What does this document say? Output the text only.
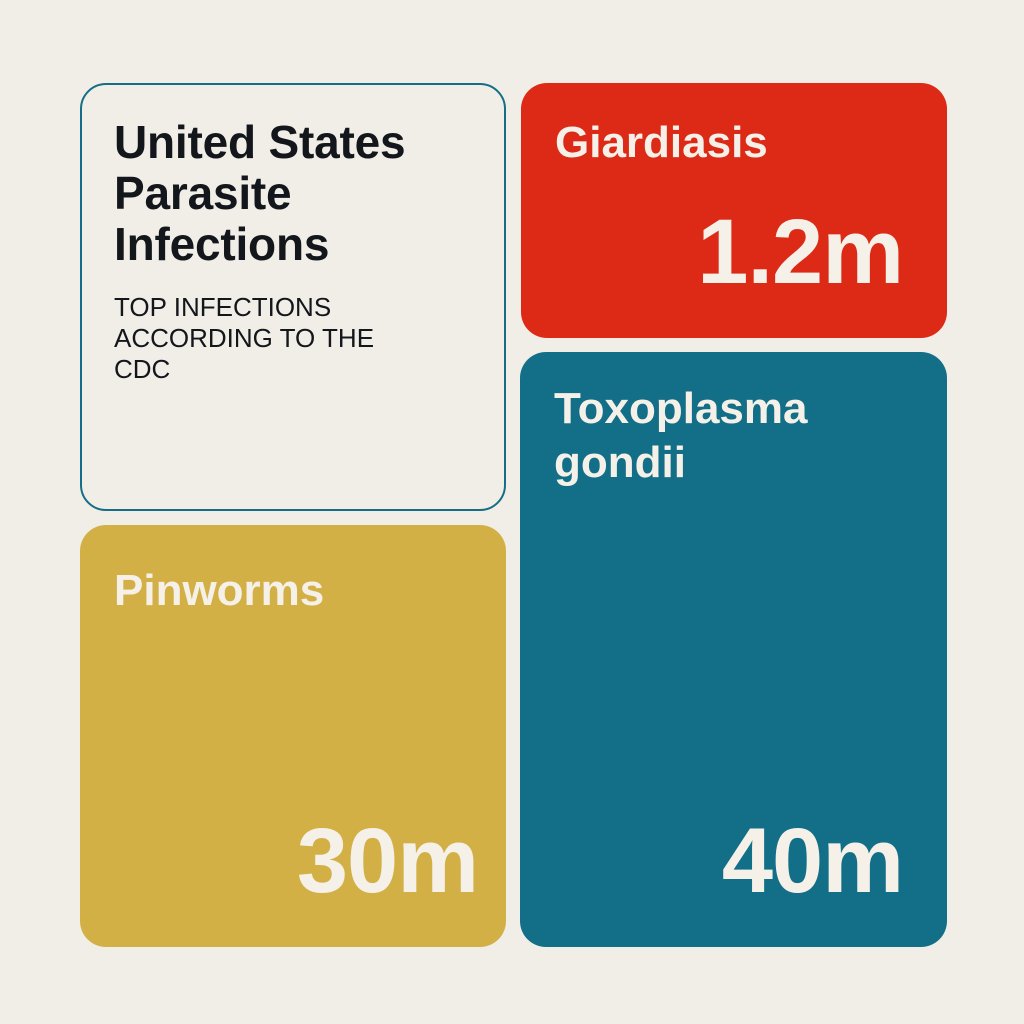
United States Parasite Infections
TOP INFECTIONS ACCORDING TO THE CDC
Giardiasis
1.2m
Toxoplasma gondii
40m
Pinworms
30m
